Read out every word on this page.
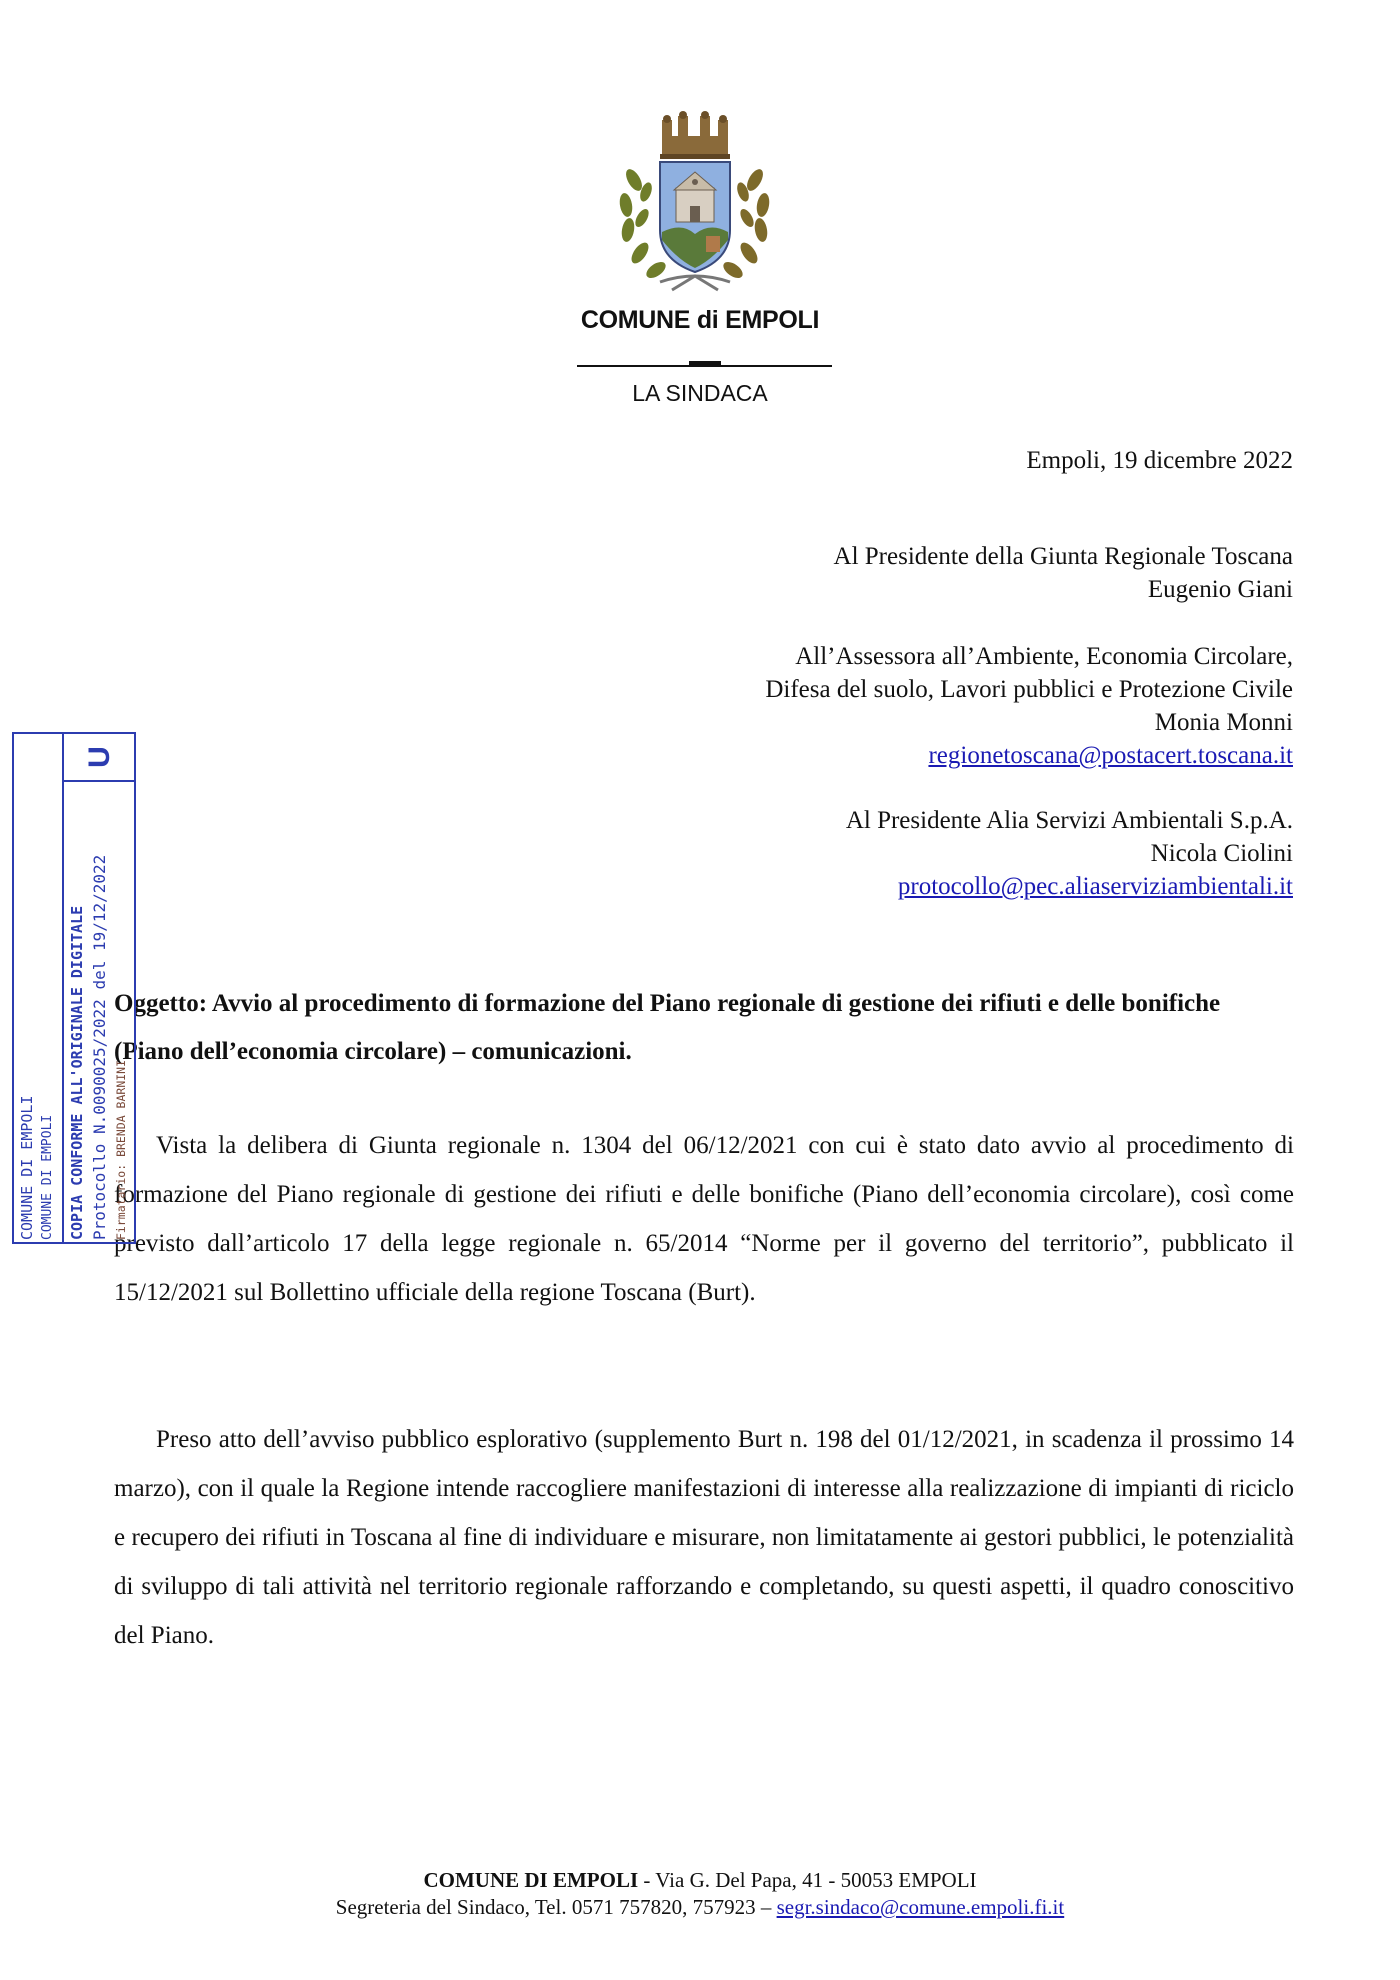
COMUNE di EMPOLI
LA SINDACA
Empoli, 19 dicembre 2022
Al Presidente della Giunta Regionale Toscana
Eugenio Giani
All’Assessora all’Ambiente, Economia Circolare,
Difesa del suolo, Lavori pubblici e Protezione Civile
Monia Monni
regionetoscana@postacert.toscana.it
Al Presidente Alia Servizi Ambientali S.p.A.
Nicola Ciolini
protocollo@pec.aliaserviziambientali.it
Oggetto: Avvio al procedimento di formazione del Piano regionale di gestione dei rifiuti e delle bonifiche (Piano dell’economia circolare) – comunicazioni.
Vista la delibera di Giunta regionale n. 1304 del 06/12/2021 con cui è stato dato avvio al procedimento di formazione del Piano regionale di gestione dei rifiuti e delle bonifiche (Piano dell’economia circolare), così come previsto dall’articolo 17 della legge regionale n. 65/2014 “Norme per il governo del territorio”, pubblicato il 15/12/2021 sul Bollettino ufficiale della regione Toscana (Burt).
Preso atto dell’avviso pubblico esplorativo (supplemento Burt n. 198 del 01/12/2021, in scadenza il prossimo 14 marzo), con il quale la Regione intende raccogliere manifestazioni di interesse alla realizzazione di impianti di riciclo e recupero dei rifiuti in Toscana al fine di individuare e misurare, non limitatamente ai gestori pubblici, le potenzialità di sviluppo di tali attività nel territorio regionale rafforzando e completando, su questi aspetti, il quadro conoscitivo del Piano.
U
COMUNE DI EMPOLI COMUNE DI EMPOLI COPIA CONFORME ALL'ORIGINALE DIGITALE Protocollo N.0090025/2022 del 19/12/2022 Firmatario: BRENDA BARNINI
COMUNE DI EMPOLI - Via G. Del Papa, 41 - 50053 EMPOLI
Segreteria del Sindaco, Tel. 0571 757820, 757923 – segr.sindaco@comune.empoli.fi.it
